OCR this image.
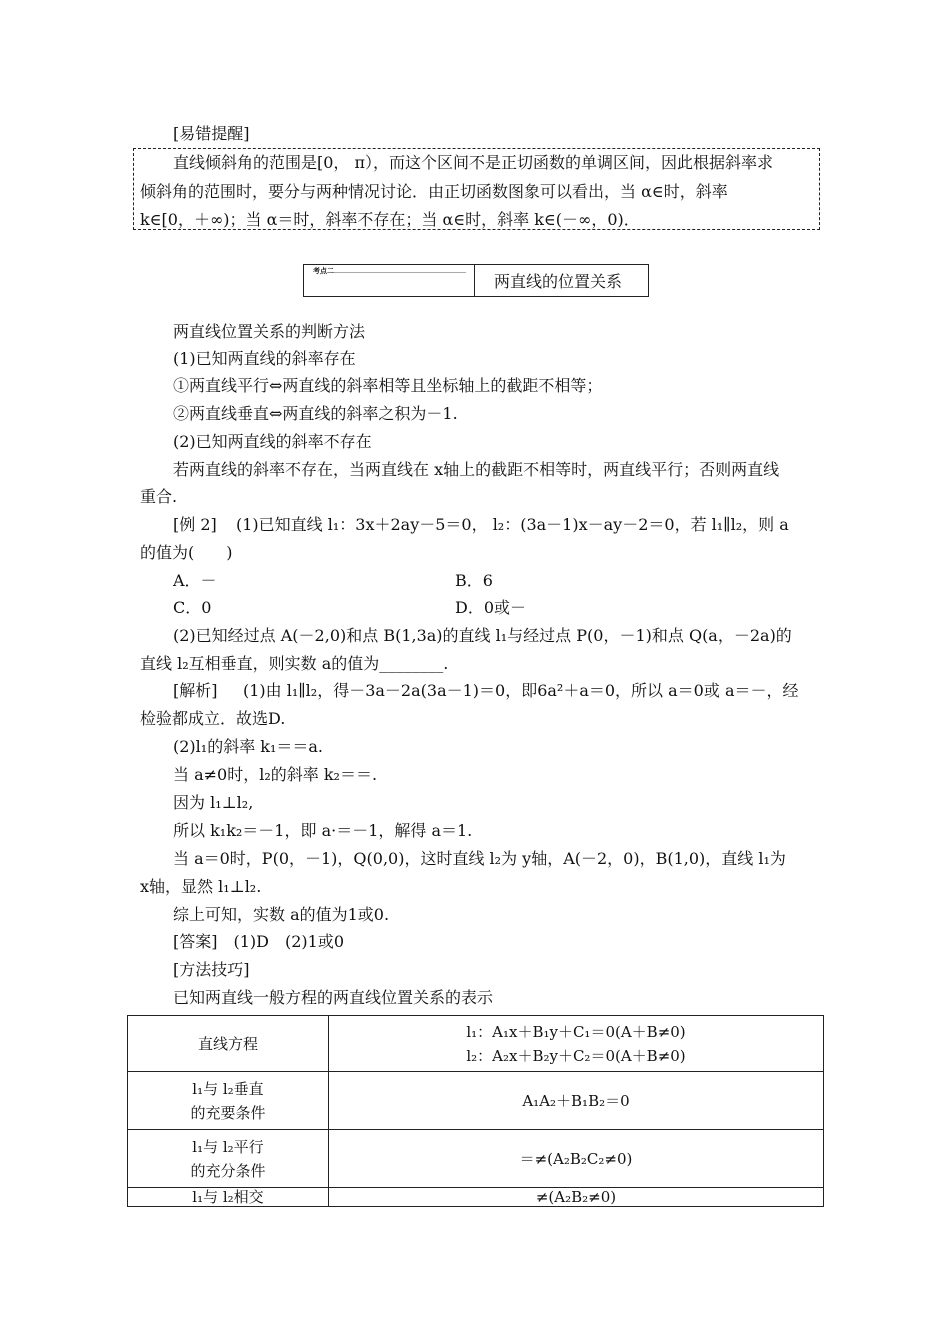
[易错提醒]
直线倾斜角的范围是[0， π），而这个区间不是正切函数的单调区间，因此根据斜率求
倾斜角的范围时，要分与两种情况讨论．由正切函数图象可以看出，当 α∈时，斜率
k∈[0，＋∞)；当 α＝时，斜率不存在；当 α∈时，斜率 k∈(－∞，0)．
考点二
两直线的位置关系
两直线位置关系的判断方法
(1)已知两直线的斜率存在
①两直线平行⇔两直线的斜率相等且坐标轴上的截距不相等；
②两直线垂直⇔两直线的斜率之积为－1.
(2)已知两直线的斜率不存在
若两直线的斜率不存在，当两直线在 x轴上的截距不相等时，两直线平行；否则两直线
重合.
[例 2] (1)已知直线 l₁：3x＋2ay－5＝0， l₂：(3a－1)x－ay－2＝0，若 l₁∥l₂，则 a
的值为(　　)
A．－	B．6
C．0	D．0或－
(2)已知经过点 A(－2,0)和点 B(1,3a)的直线 l₁与经过点 P(0，－1)和点 Q(a，－2a)的
直线 l₂互相垂直，则实数 a的值为________.
[解析] (1)由 l₁∥l₂，得－3a－2a(3a－1)＝0，即6a²＋a＝0，所以 a＝0或 a＝－，经
检验都成立．故选D.
(2)l₁的斜率 k₁＝＝a.
当 a≠0时，l₂的斜率 k₂＝＝.
因为 l₁⊥l₂,
所以 k₁k₂＝－1，即 a·＝－1，解得 a＝1.
当 a＝0时，P(0，－1)，Q(0,0)，这时直线 l₂为 y轴，A(－2，0)，B(1,0)，直线 l₁为
x轴，显然 l₁⊥l₂.
综上可知，实数 a的值为1或0.
[答案]　(1)D　(2)1或0
[方法技巧]
已知两直线一般方程的两直线位置关系的表示
直线方程	l₁：A₁x＋B₁y＋C₁＝0(A＋B≠0)
l₂：A₂x＋B₂y＋C₂＝0(A＋B≠0)

l₁与 l₂垂直
的充要条件	A₁A₂＋B₁B₂＝0

l₁与 l₂平行
的充分条件	＝≠(A₂B₂C₂≠0)
l₁与 l₂相交	≠(A₂B₂≠0)
